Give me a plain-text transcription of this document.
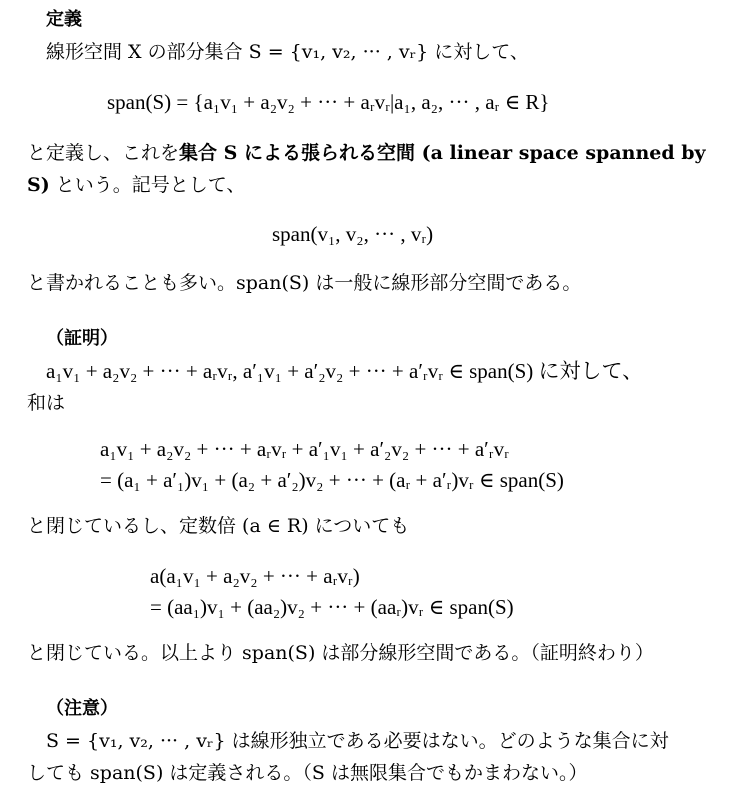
定義
線形空間 X の部分集合 S = {v₁, v₂, ··· , vᵣ} に対して、
span(S) = {a₁v₁ + a₂v₂ + ··· + aᵣvᵣ|a₁, a₂, ··· , aᵣ ∈ R}
と定義し、これを集合 S による張られる空間 (a linear space spanned by
S) という。記号として、
span(v₁, v₂, ··· , vᵣ)
と書かれることも多い。span(S) は一般に線形部分空間である。
（証明）
a₁v₁ + a₂v₂ + ··· + aᵣvᵣ, a′₁v₁ + a′₂v₂ + ··· + a′ᵣvᵣ ∈ span(S) に対して、
和は
a₁v₁ + a₂v₂ + ··· + aᵣvᵣ + a′₁v₁ + a′₂v₂ + ··· + a′ᵣvᵣ
= (a₁ + a′₁)v₁ + (a₂ + a′₂)v₂ + ··· + (aᵣ + a′ᵣ)vᵣ ∈ span(S)
と閉じているし、定数倍 (a ∈ R) についても
a(a₁v₁ + a₂v₂ + ··· + aᵣvᵣ)
= (aa₁)v₁ + (aa₂)v₂ + ··· + (aaᵣ)vᵣ ∈ span(S)
と閉じている。以上より span(S) は部分線形空間である。（証明終わり）
（注意）
S = {v₁, v₂, ··· , vᵣ} は線形独立である必要はない。どのような集合に対
しても span(S) は定義される。（S は無限集合でもかまわない。）
